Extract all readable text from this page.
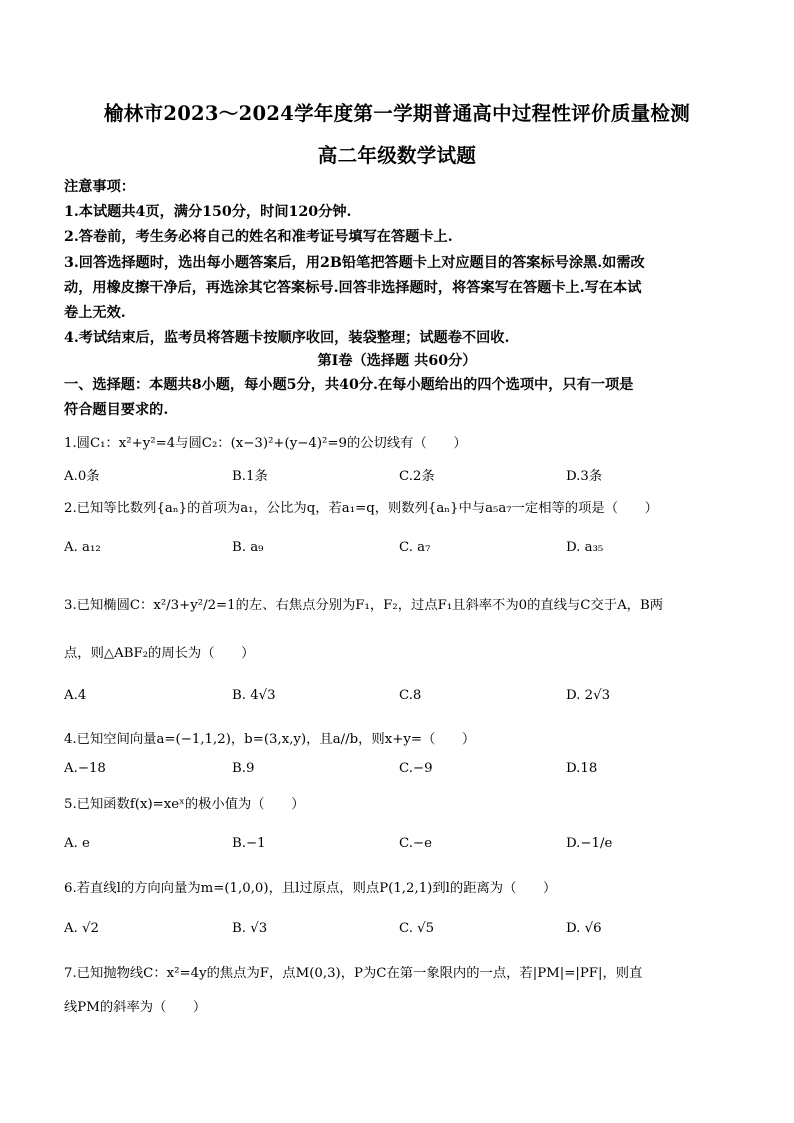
榆林市2023～2024学年度第一学期普通高中过程性评价质量检测
高二年级数学试题
注意事项：
1.本试题共4页，满分150分，时间120分钟.
2.答卷前，考生务必将自己的姓名和准考证号填写在答题卡上.
3.回答选择题时，选出每小题答案后，用2B铅笔把答题卡上对应题目的答案标号涂黑.如需改
动，用橡皮擦干净后，再选涂其它答案标号.回答非选择题时，将答案写在答题卡上.写在本试
卷上无效.
4.考试结束后，监考员将答题卡按顺序收回，装袋整理；试题卷不回收.
第Ⅰ卷（选择题 共60分）
一、选择题：本题共8小题，每小题5分，共40分.在每小题给出的四个选项中，只有一项是
符合题目要求的.
1.圆C₁：x²+y²=4与圆C₂：(x−3)²+(y−4)²=9的公切线有（　　）
A.0条	B.1条	C.2条	D.3条
2.已知等比数列{aₙ}的首项为a₁，公比为q，若a₁=q，则数列{aₙ}中与a₅a₇一定相等的项是（　　）
A. a₁₂	B. a₉	C. a₇	D. a₃₅
3.已知椭圆C：x²/3+y²/2=1的左、右焦点分别为F₁，F₂，过点F₁且斜率不为0的直线与C交于A，B两
点，则△ABF₂的周长为（　　）
A.4	B. 4√3	C.8	D. 2√3
4.已知空间向量a=(−1,1,2)，b=(3,x,y)，且a//b，则x+y=（　　）
A.−18	B.9	C.−9	D.18
5.已知函数f(x)=xeˣ的极小值为（　　）
A. e	B.−1	C.−e	D.−1/e
6.若直线l的方向向量为m=(1,0,0)，且l过原点，则点P(1,2,1)到l的距离为（　　）
A. √2	B. √3	C. √5	D. √6
7.已知抛物线C：x²=4y的焦点为F，点M(0,3)，P为C在第一象限内的一点，若|PM|=|PF|，则直
线PM的斜率为（　　）
